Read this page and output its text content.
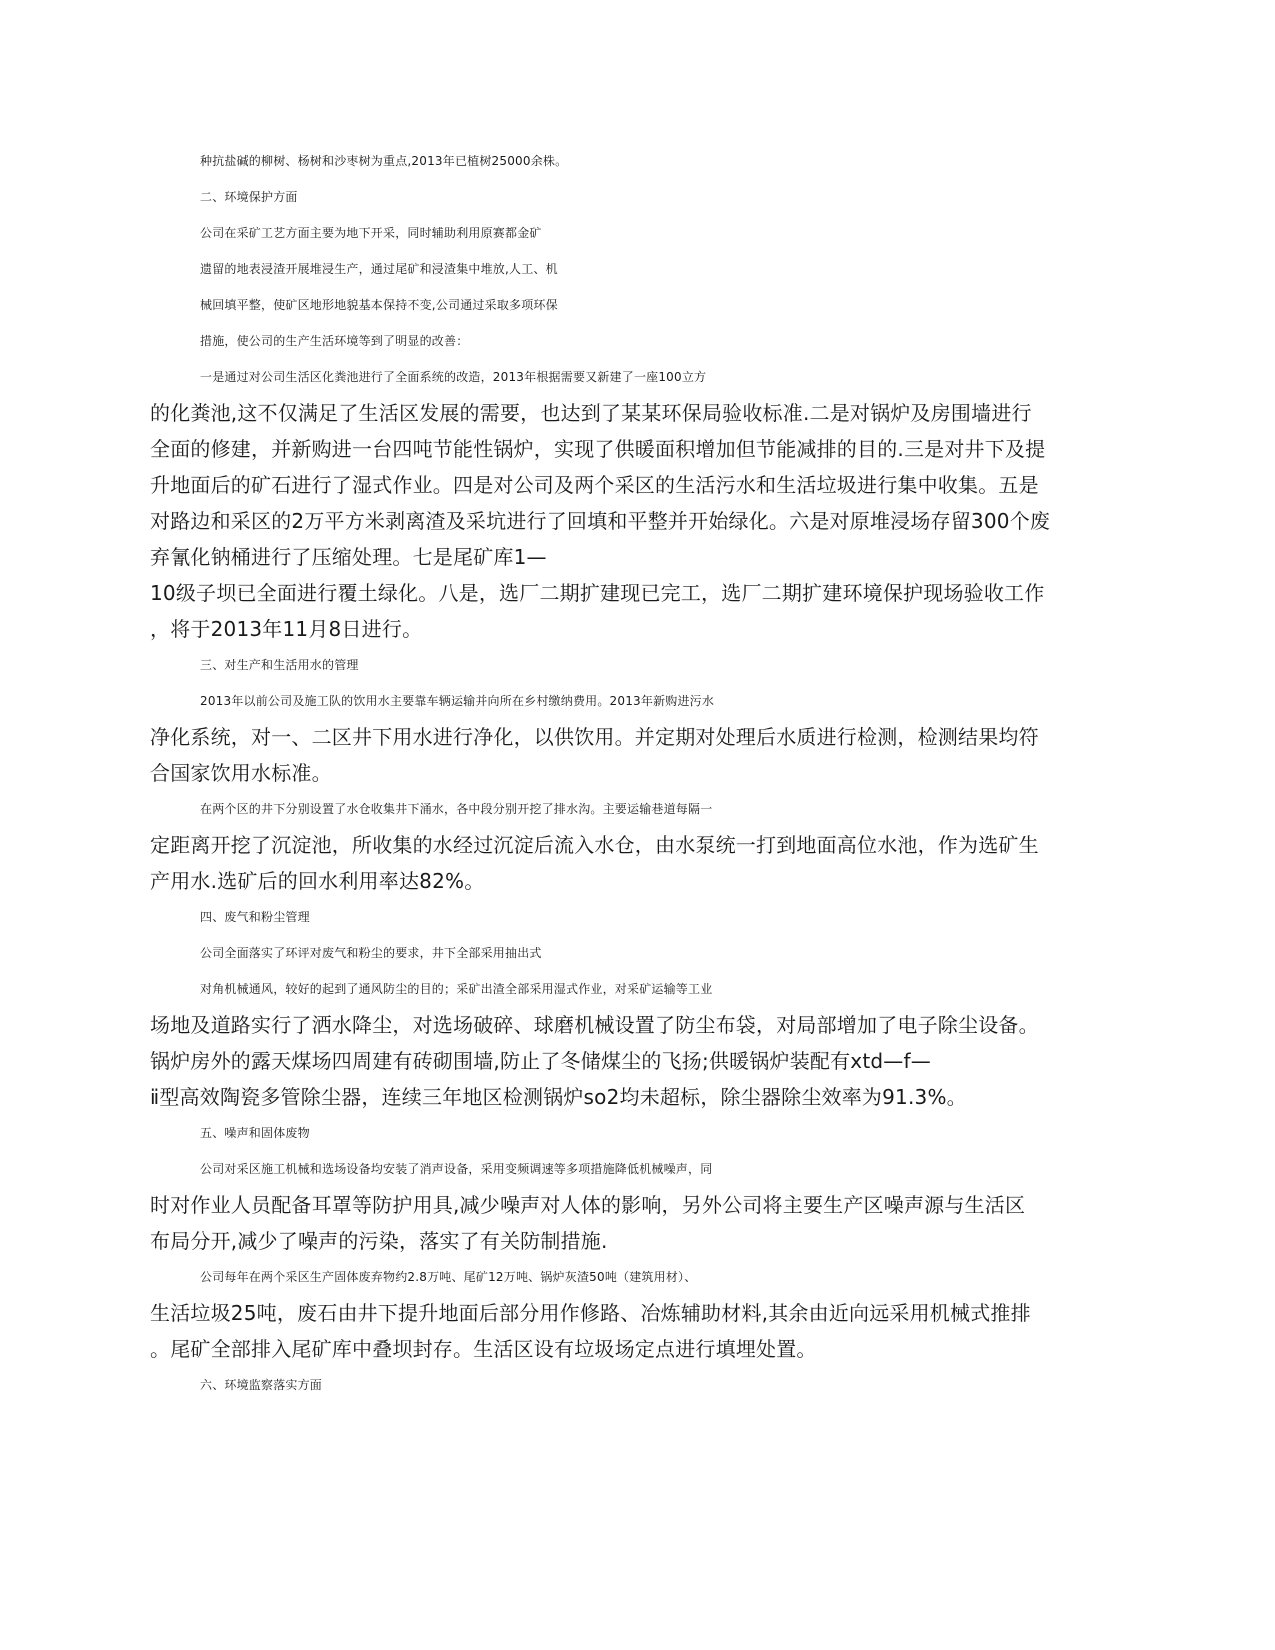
种抗盐碱的柳树、杨树和沙枣树为重点,2013年已植树25000余株。
二、环境保护方面
公司在采矿工艺方面主要为地下开采，同时辅助利用原赛都金矿
遗留的地表浸渣开展堆浸生产，通过尾矿和浸渣集中堆放,人工、机
械回填平整，使矿区地形地貌基本保持不变,公司通过采取多项环保
措施，使公司的生产生活环境等到了明显的改善：
一是通过对公司生活区化粪池进行了全面系统的改造，2013年根据需要又新建了一座100立方
的化粪池,这不仅满足了生活区发展的需要，也达到了某某环保局验收标准.二是对锅炉及房围墙进行
全面的修建，并新购进一台四吨节能性锅炉，实现了供暖面积增加但节能减排的目的.三是对井下及提
升地面后的矿石进行了湿式作业。四是对公司及两个采区的生活污水和生活垃圾进行集中收集。五是
对路边和采区的2万平方米剥离渣及采坑进行了回填和平整并开始绿化。六是对原堆浸场存留300个废
弃氰化钠桶进行了压缩处理。七是尾矿库1—
10级子坝已全面进行覆土绿化。八是，选厂二期扩建现已完工，选厂二期扩建环境保护现场验收工作
，将于2013年11月8日进行。
三、对生产和生活用水的管理
2013年以前公司及施工队的饮用水主要靠车辆运输并向所在乡村缴纳费用。2013年新购进污水
净化系统，对一、二区井下用水进行净化，以供饮用。并定期对处理后水质进行检测，检测结果均符
合国家饮用水标准。
在两个区的井下分别设置了水仓收集井下涌水，各中段分别开挖了排水沟。主要运输巷道每隔一
定距离开挖了沉淀池，所收集的水经过沉淀后流入水仓，由水泵统一打到地面高位水池，作为选矿生
产用水.选矿后的回水利用率达82%。
四、废气和粉尘管理
公司全面落实了环评对废气和粉尘的要求，井下全部采用抽出式
对角机械通风，较好的起到了通风防尘的目的；采矿出渣全部采用湿式作业，对采矿运输等工业
场地及道路实行了洒水降尘，对选场破碎、球磨机械设置了防尘布袋，对局部增加了电子除尘设备。
锅炉房外的露天煤场四周建有砖砌围墙,防止了冬储煤尘的飞扬;供暖锅炉装配有xtd—f—
ⅱ型高效陶瓷多管除尘器，连续三年地区检测锅炉so2均未超标，除尘器除尘效率为91.3%。
五、噪声和固体废物
公司对采区施工机械和选场设备均安装了消声设备，采用变频调速等多项措施降低机械噪声，同
时对作业人员配备耳罩等防护用具,减少噪声对人体的影响，另外公司将主要生产区噪声源与生活区
布局分开,减少了噪声的污染，落实了有关防制措施.
公司每年在两个采区生产固体废弃物约2.8万吨、尾矿12万吨、锅炉灰渣50吨（建筑用材）、
生活垃圾25吨，废石由井下提升地面后部分用作修路、冶炼辅助材料,其余由近向远采用机械式推排
。尾矿全部排入尾矿库中叠坝封存。生活区设有垃圾场定点进行填埋处置。
六、环境监察落实方面
